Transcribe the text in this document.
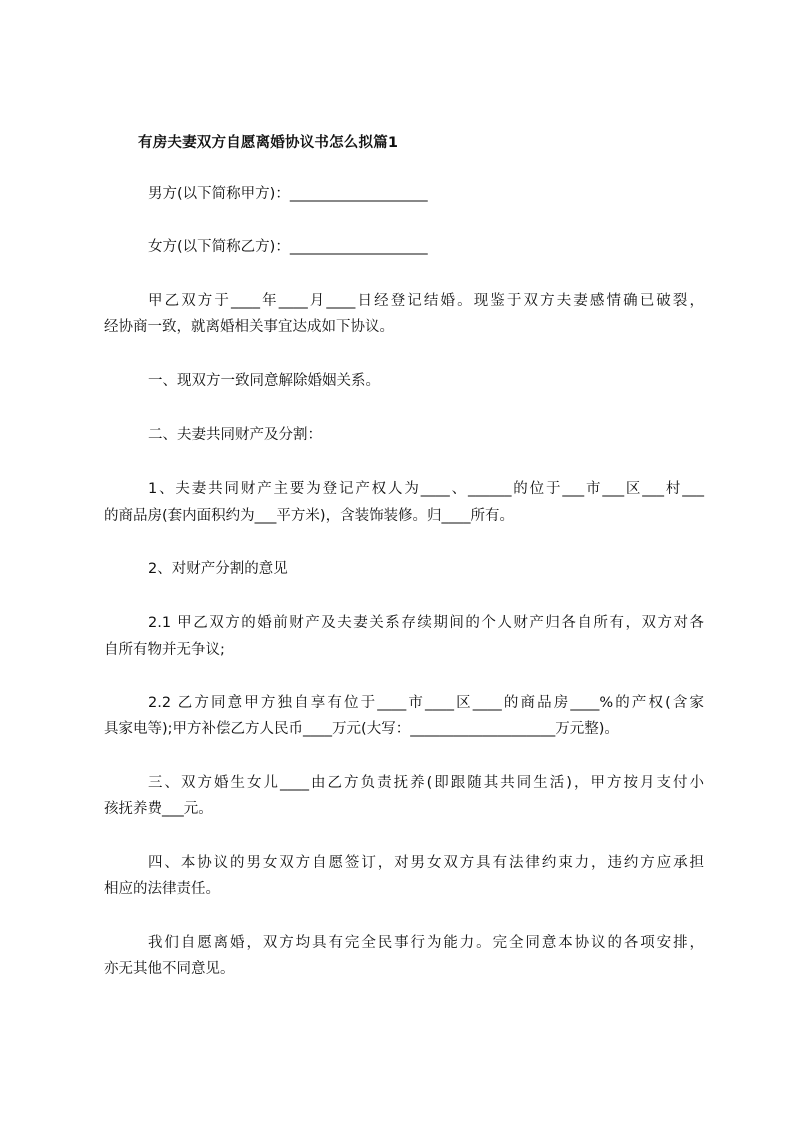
有房夫妻双方自愿离婚协议书怎么拟篇1
男方(以下简称甲方)：___________________
女方(以下简称乙方)：___________________
甲乙双方于____年____月____日经登记结婚。现鉴于双方夫妻感情确已破裂，
经协商一致，就离婚相关事宜达成如下协议。
一、现双方一致同意解除婚姻关系。
二、夫妻共同财产及分割：
1、夫妻共同财产主要为登记产权人为____、______的位于___市___区___村___
的商品房(套内面积约为___平方米)，含装饰装修。归____所有。
2、对财产分割的意见
2.1 甲乙双方的婚前财产及夫妻关系存续期间的个人财产归各自所有，双方对各
自所有物并无争议;
2.2 乙方同意甲方独自享有位于____市____区____的商品房____%的产权(含家
具家电等);甲方补偿乙方人民币____万元(大写：____________________万元整)。
三、双方婚生女儿____由乙方负责抚养(即跟随其共同生活)，甲方按月支付小
孩抚养费___元。
四、本协议的男女双方自愿签订，对男女双方具有法律约束力，违约方应承担
相应的法律责任。
我们自愿离婚，双方均具有完全民事行为能力。完全同意本协议的各项安排，
亦无其他不同意见。
